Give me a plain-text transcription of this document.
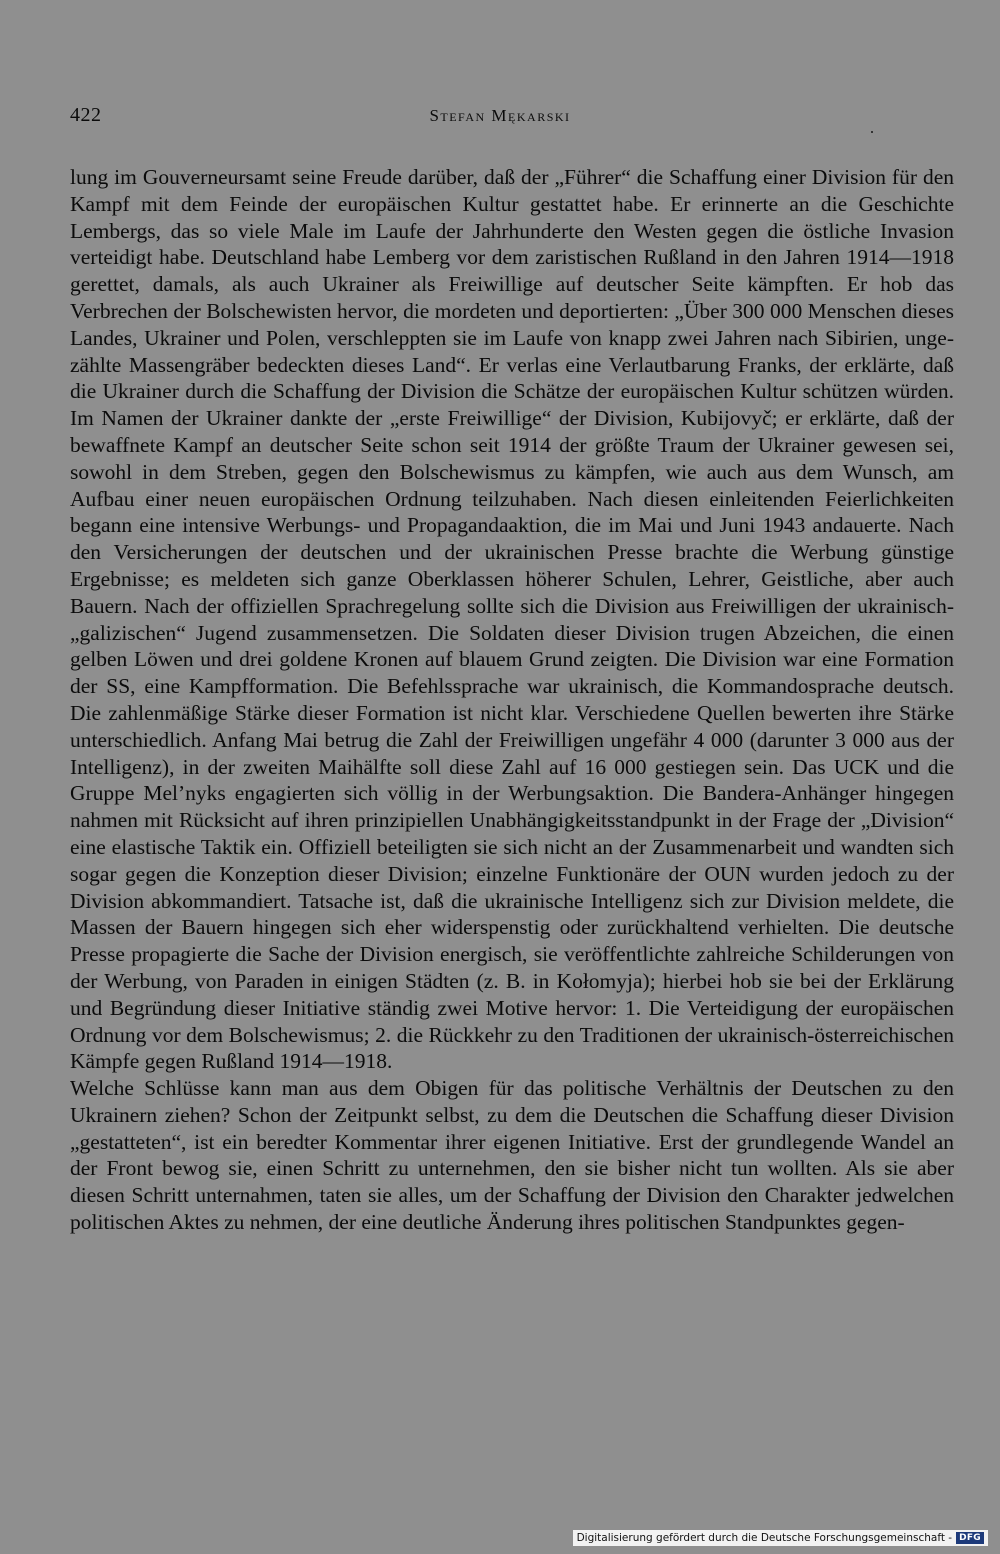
422	Stefan Mękarski

lung im Gouverneursamt seine Freude darüber, daß der „Führer“ die Schaffung einer Division für den Kampf mit dem Feinde der europäischen Kultur gestattet habe. Er erinnerte an die Geschichte Lembergs, das so viele Male im Laufe der Jahrhunderte den Westen gegen die östliche Invasion verteidigt habe. Deutschland habe Lemberg vor dem zaristischen Rußland in den Jahren 1914—1918 gerettet, damals, als auch Ukrainer als Freiwillige auf deutscher Seite kämpften. Er hob das Verbrechen der Bolschewisten hervor, die mordeten und deportierten: „Über 300 000 Menschen dieses Landes, Ukrainer und Polen, verschleppten sie im Laufe von knapp zwei Jahren nach Sibirien, ungezählte Massengräber bedeckten dieses Land“. Er verlas eine Verlautbarung Franks, der erklärte, daß die Ukrainer durch die Schaffung der Division die Schätze der europäischen Kultur schützen würden. Im Namen der Ukrainer dankte der „erste Freiwillige“ der Division, Kubijovyč; er erklärte, daß der bewaffnete Kampf an deutscher Seite schon seit 1914 der größte Traum der Ukrainer gewesen sei, sowohl in dem Streben, gegen den Bolschewismus zu kämpfen, wie auch aus dem Wunsch, am Aufbau einer neuen europäischen Ordnung teilzuhaben. Nach diesen einleitenden Feierlichkeiten begann eine intensive Werbungs- und Propagandaaktion, die im Mai und Juni 1943 andauerte. Nach den Versicherungen der deutschen und der ukrainischen Presse brachte die Werbung günstige Ergebnisse; es meldeten sich ganze Oberklassen höherer Schulen, Lehrer, Geistliche, aber auch Bauern. Nach der offiziellen Sprachregelung sollte sich die Division aus Freiwilligen der ukrainisch-„galizischen“ Jugend zusammensetzen. Die Soldaten dieser Division trugen Abzeichen, die einen gelben Löwen und drei goldene Kronen auf blauem Grund zeigten. Die Division war eine Formation der SS, eine Kampfformation. Die Befehlssprache war ukrainisch, die Kommandosprache deutsch. Die zahlenmäßige Stärke dieser Formation ist nicht klar. Verschiedene Quellen bewerten ihre Stärke unterschiedlich. Anfang Mai betrug die Zahl der Freiwilligen ungefähr 4 000 (darunter 3 000 aus der Intelligenz), in der zweiten Maihälfte soll diese Zahl auf 16 000 gestiegen sein. Das UCK und die Gruppe Mel’nyks engagierten sich völlig in der Werbungsaktion. Die Bandera-Anhänger hingegen nahmen mit Rücksicht auf ihren prinzipiellen Unabhängigkeitsstandpunkt in der Frage der „Division“ eine elastische Taktik ein. Offiziell beteiligten sie sich nicht an der Zusammenarbeit und wandten sich sogar gegen die Konzeption dieser Division; einzelne Funktionäre der OUN wurden jedoch zu der Division abkommandiert. Tatsache ist, daß die ukrainische Intelligenz sich zur Division meldete, die Massen der Bauern hingegen sich eher widerspenstig oder zurückhaltend verhielten. Die deutsche Presse propagierte die Sache der Division energisch, sie veröffentlichte zahlreiche Schilderungen von der Werbung, von Paraden in einigen Städten (z. B. in Kołomyja); hierbei hob sie bei der Erklärung und Begründung dieser Initiative ständig zwei Motive hervor: 1. Die Verteidigung der europäischen Ordnung vor dem Bolschewismus; 2. die Rückkehr zu den Traditionen der ukrainisch-österreichischen Kämpfe gegen Rußland 1914—1918.

Welche Schlüsse kann man aus dem Obigen für das politische Verhältnis der Deutschen zu den Ukrainern ziehen? Schon der Zeitpunkt selbst, zu dem die Deutschen die Schaffung dieser Division „gestatteten“, ist ein beredter Kommentar ihrer eigenen Initiative. Erst der grundlegende Wandel an der Front bewog sie, einen Schritt zu unternehmen, den sie bisher nicht tun wollten. Als sie aber diesen Schritt unternahmen, taten sie alles, um der Schaffung der Division den Charakter jedwelchen politischen Aktes zu nehmen, der eine deutliche Änderung ihres politischen Standpunktes gegen-

Digitalisierung gefördert durch die Deutsche Forschungsgemeinschaft - DFG
